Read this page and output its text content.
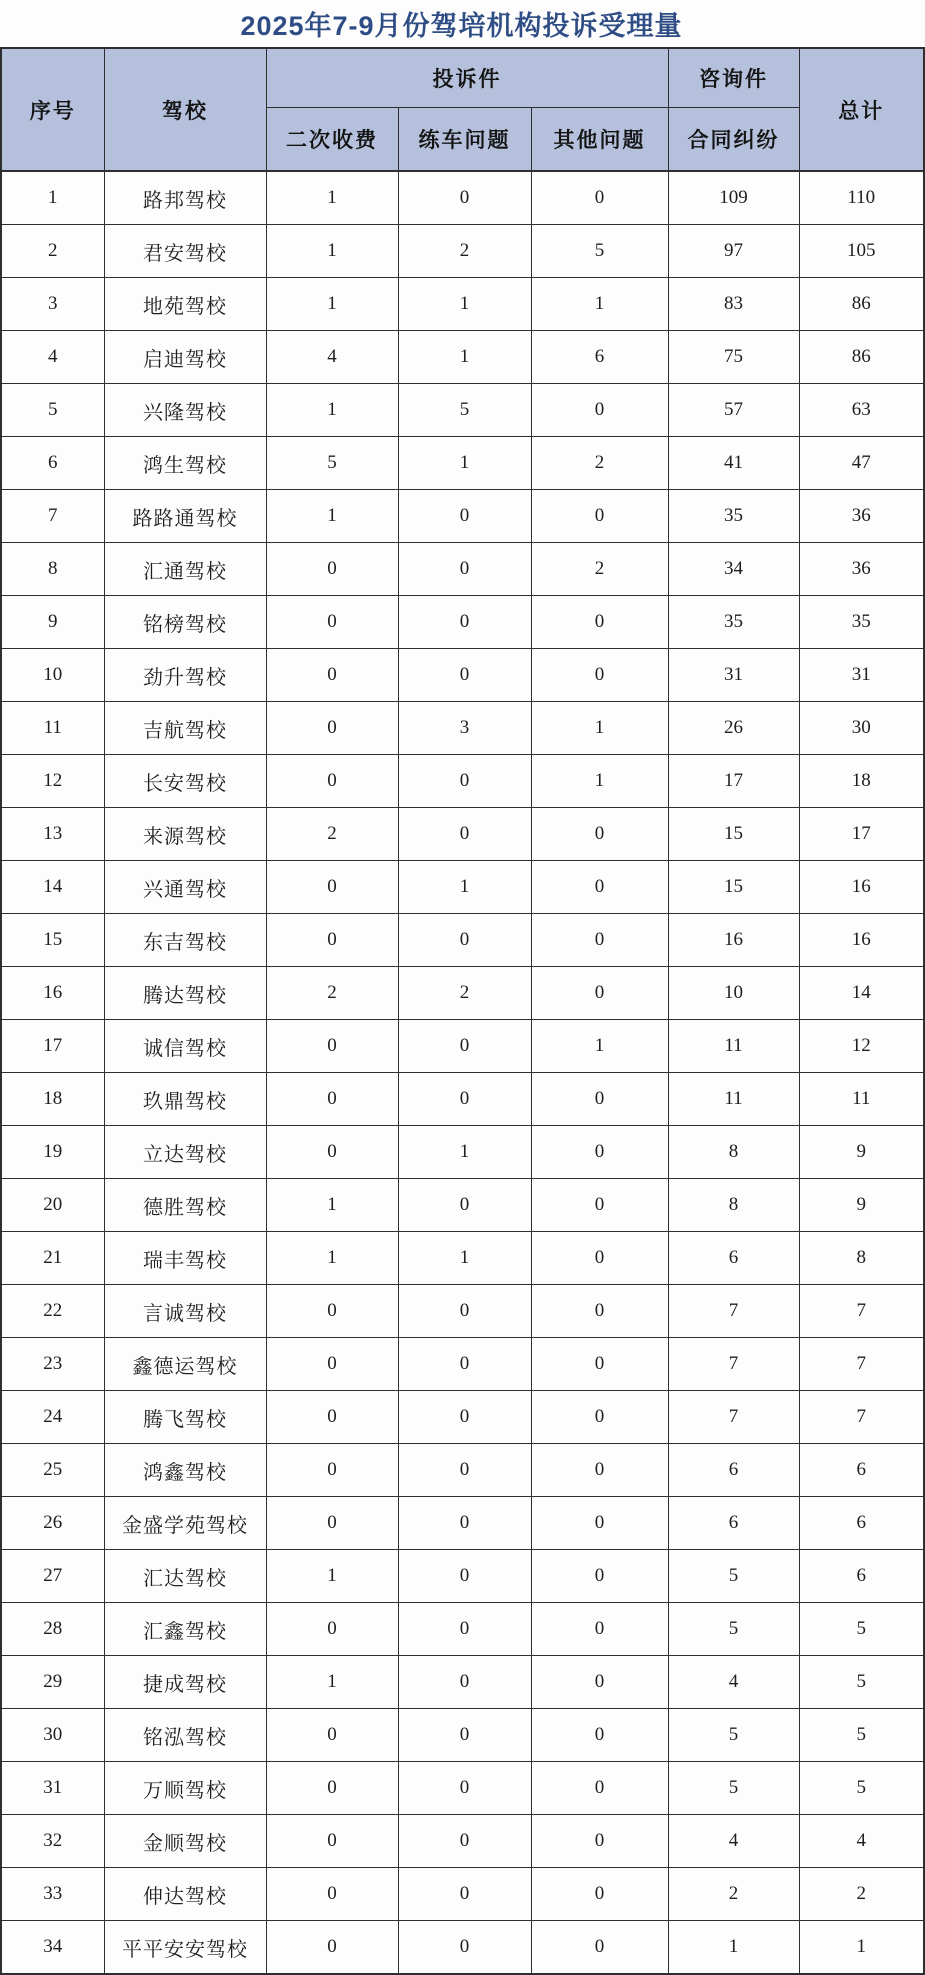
2025年7-9月份驾培机构投诉受理量
序号	驾校	投诉件			咨询件	总计
		二次收费	练车问题	其他问题	合同纠纷	
1	路邦驾校	1	0	0	109	110
2	君安驾校	1	2	5	97	105
3	地苑驾校	1	1	1	83	86
4	启迪驾校	4	1	6	75	86
5	兴隆驾校	1	5	0	57	63
6	鸿生驾校	5	1	2	41	47
7	路路通驾校	1	0	0	35	36
8	汇通驾校	0	0	2	34	36
9	铭榜驾校	0	0	0	35	35
10	劲升驾校	0	0	0	31	31
11	吉航驾校	0	3	1	26	30
12	长安驾校	0	0	1	17	18
13	来源驾校	2	0	0	15	17
14	兴通驾校	0	1	0	15	16
15	东吉驾校	0	0	0	16	16
16	腾达驾校	2	2	0	10	14
17	诚信驾校	0	0	1	11	12
18	玖鼎驾校	0	0	0	11	11
19	立达驾校	0	1	0	8	9
20	德胜驾校	1	0	0	8	9
21	瑞丰驾校	1	1	0	6	8
22	言诚驾校	0	0	0	7	7
23	鑫德运驾校	0	0	0	7	7
24	腾飞驾校	0	0	0	7	7
25	鸿鑫驾校	0	0	0	6	6
26	金盛学苑驾校	0	0	0	6	6
27	汇达驾校	1	0	0	5	6
28	汇鑫驾校	0	0	0	5	5
29	捷成驾校	1	0	0	4	5
30	铭泓驾校	0	0	0	5	5
31	万顺驾校	0	0	0	5	5
32	金顺驾校	0	0	0	4	4
33	伸达驾校	0	0	0	2	2
34	平平安安驾校	0	0	0	1	1
